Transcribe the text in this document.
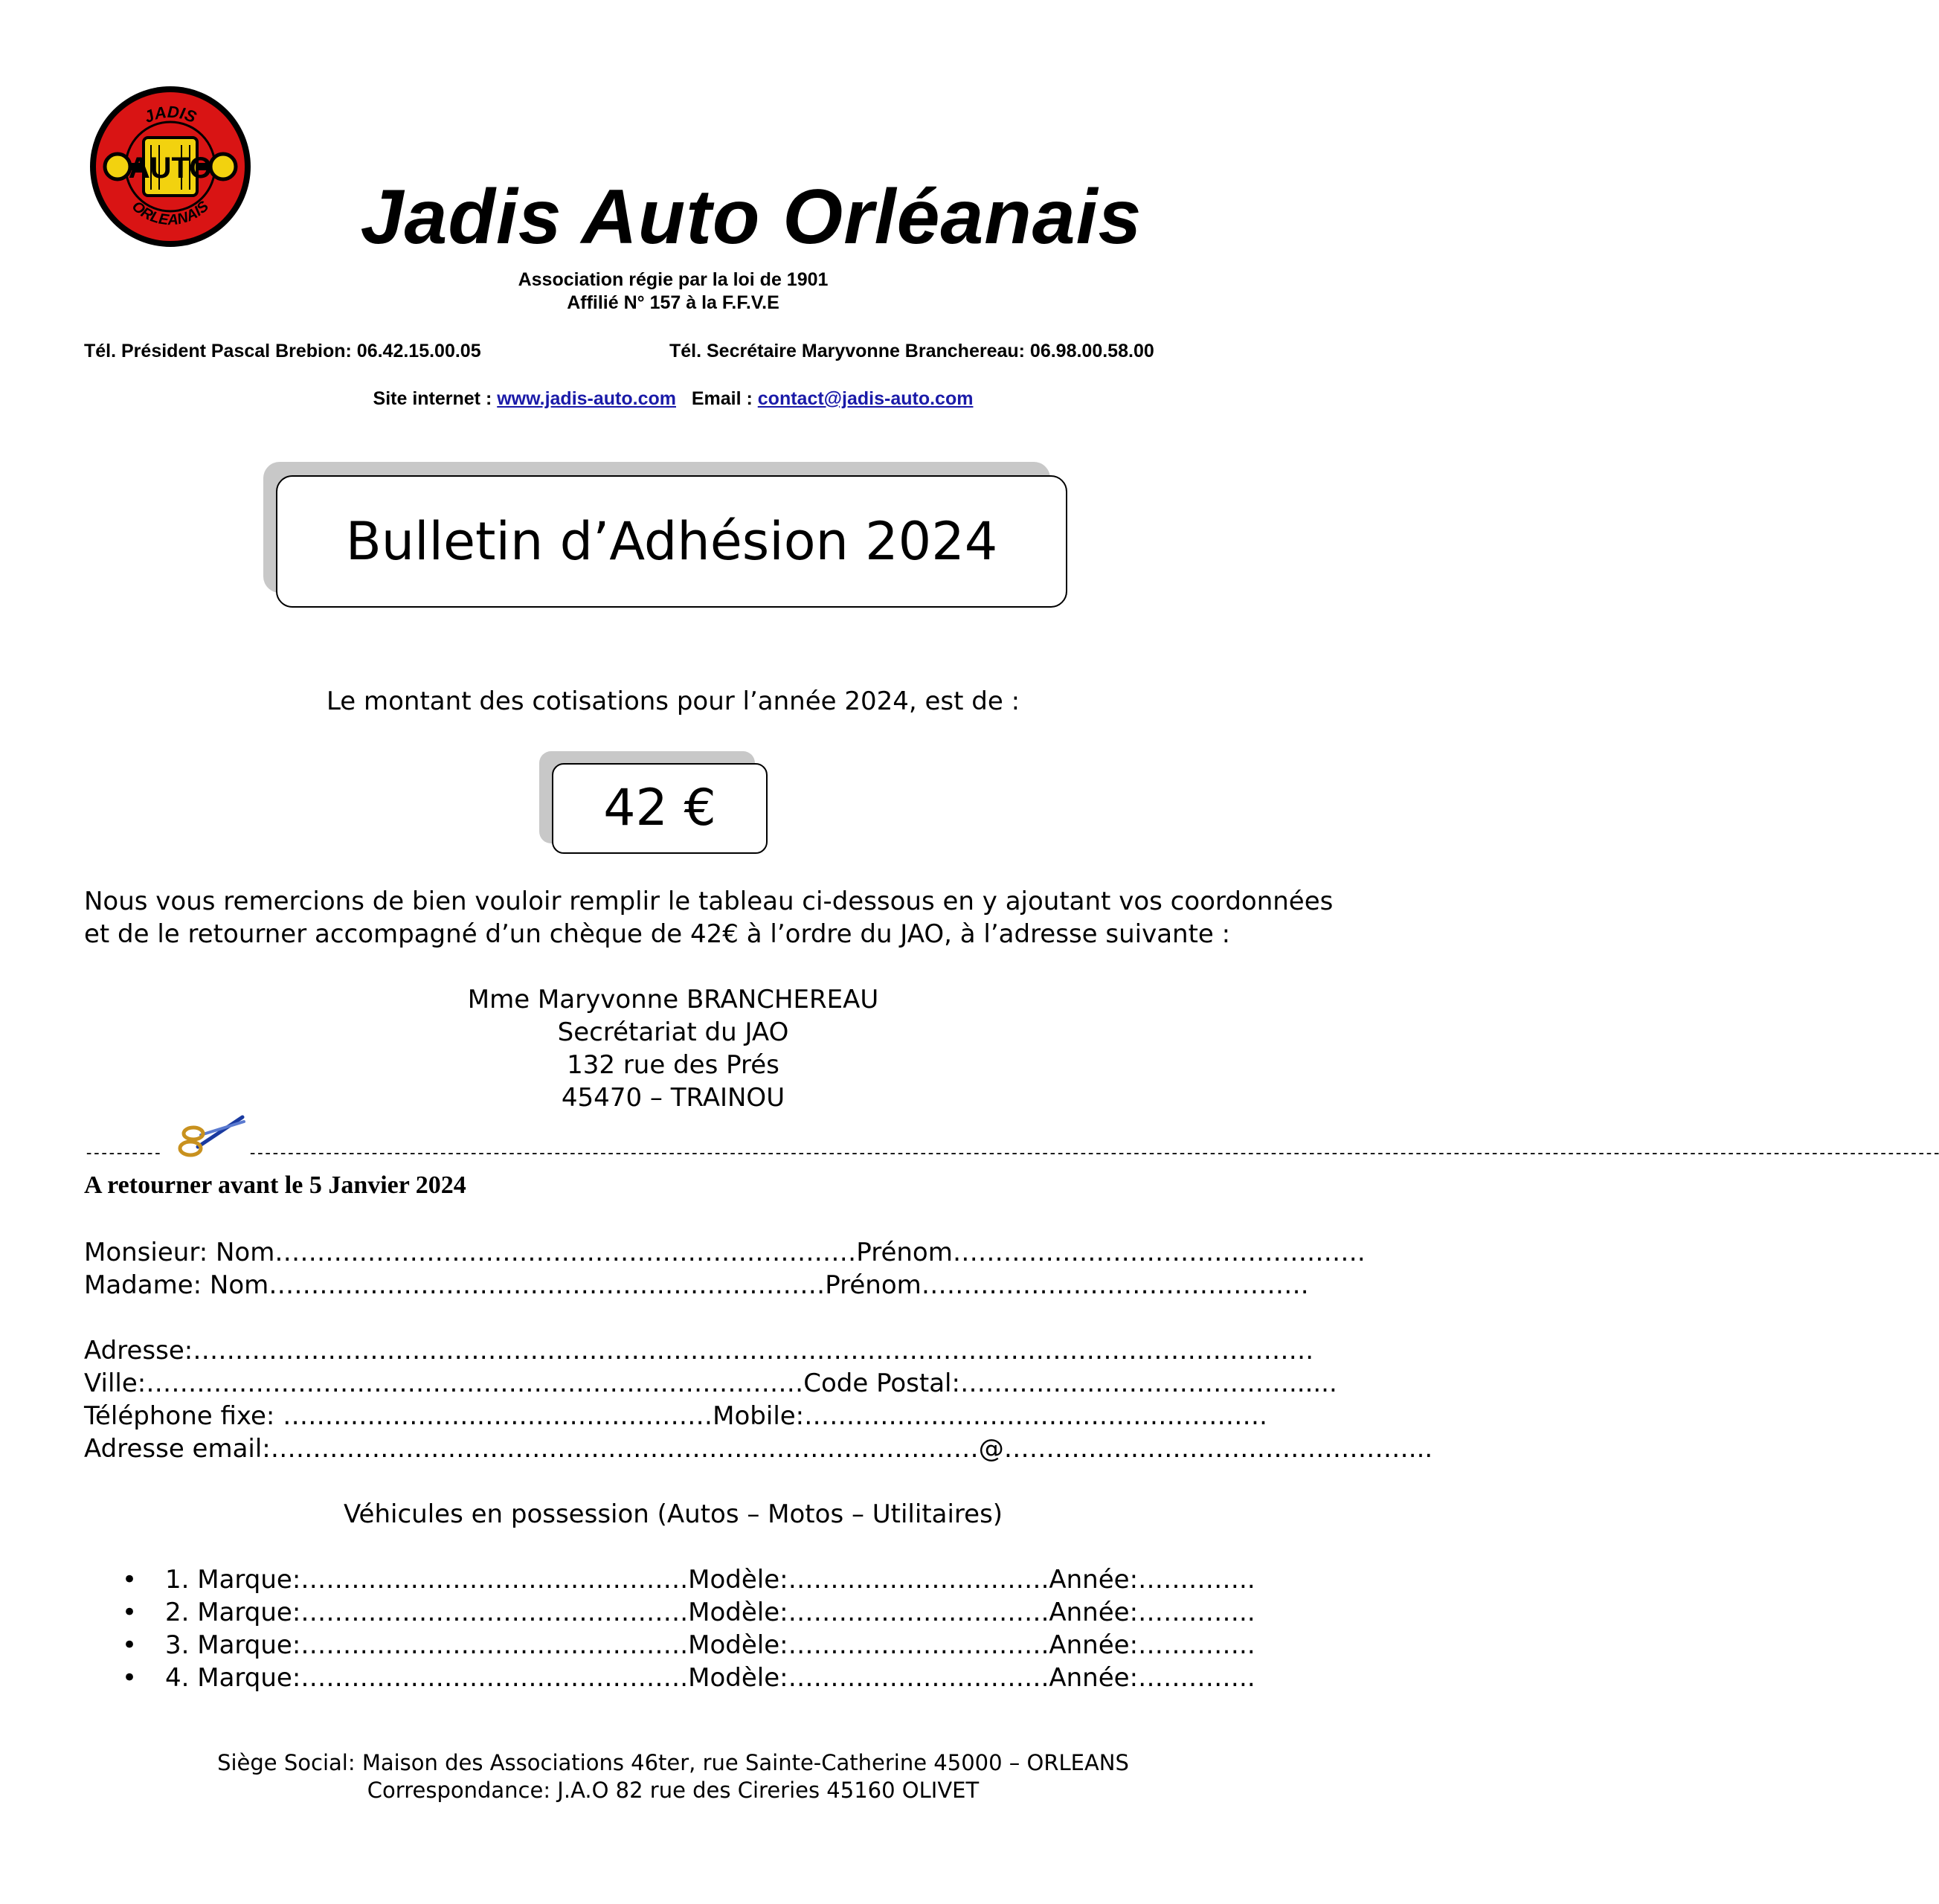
JADIS
ORLEANAIS
AUTO
Jadis Auto Orléanais
Association régie par la loi de 1901
Affilié N° 157 à la F.F.V.E
Tél. Président Pascal Brebion: 06.42.15.00.05	Tél. Secrétaire Maryvonne Branchereau: 06.98.00.58.00
Site internet : www.jadis-auto.com Email : contact@jadis-auto.com
Bulletin d’Adhésion 2024
Le montant des cotisations pour l’année 2024, est de :
42 €
Nous vous remercions de bien vouloir remplir le tableau ci-dessous en y ajoutant vos coordonnées
et de le retourner accompagné d’un chèque de 42€ à l’ordre du JAO, à l’adresse suivante :
Mme Maryvonne BRANCHEREAU
Secrétariat du JAO
132 rue des Prés
45470 – TRAINOU
----------	------------------------------------------------------------------------------------------------------------------------------------------------------------------------------------------------------------------------------
A retourner avant le 5 Janvier 2024
Monsieur: Nom……………………………………………………………Prénom………………………………………….
Madame: Nom…………………………………………………………Prénom……………………………………….
Adresse:…………………………………………………………………………………………………………………….
Ville:……………………………………………………………………Code Postal:…………………………………......
Téléphone fixe: ……………………………………………Mobile:……………………………………………….
Adresse email:…………………………………………………………………………@…………………………………………...
Véhicules en possession (Autos – Motos – Utilitaires)
• 1. Marque:……………………………………….Modèle:………………………….Année:…………..
• 2. Marque:……………………………………….Modèle:………………………….Année:…………..
• 3. Marque:……………………………………….Modèle:………………………….Année:…………..
• 4. Marque:……………………………………….Modèle:………………………….Année:…………..
Siège Social: Maison des Associations 46ter, rue Sainte-Catherine 45000 – ORLEANS
Correspondance: J.A.O 82 rue des Cireries 45160 OLIVET
